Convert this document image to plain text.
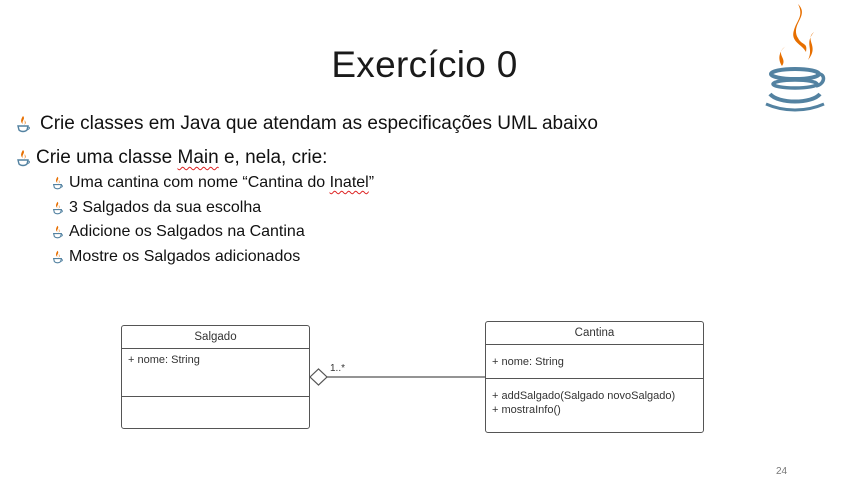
Exercício 0
Crie classes em Java que atendam as especificações UML abaixo
Crie uma classe Main e, nela, crie:
Uma cantina com nome “Cantina do Inatel”
3 Salgados da sua escolha
Adicione os Salgados na Cantina
Mostre os Salgados adicionados
1..*
Salgado
+ nome: String
Cantina
+ nome: String
+ addSalgado(Salgado novoSalgado)
+ mostraInfo()
24
